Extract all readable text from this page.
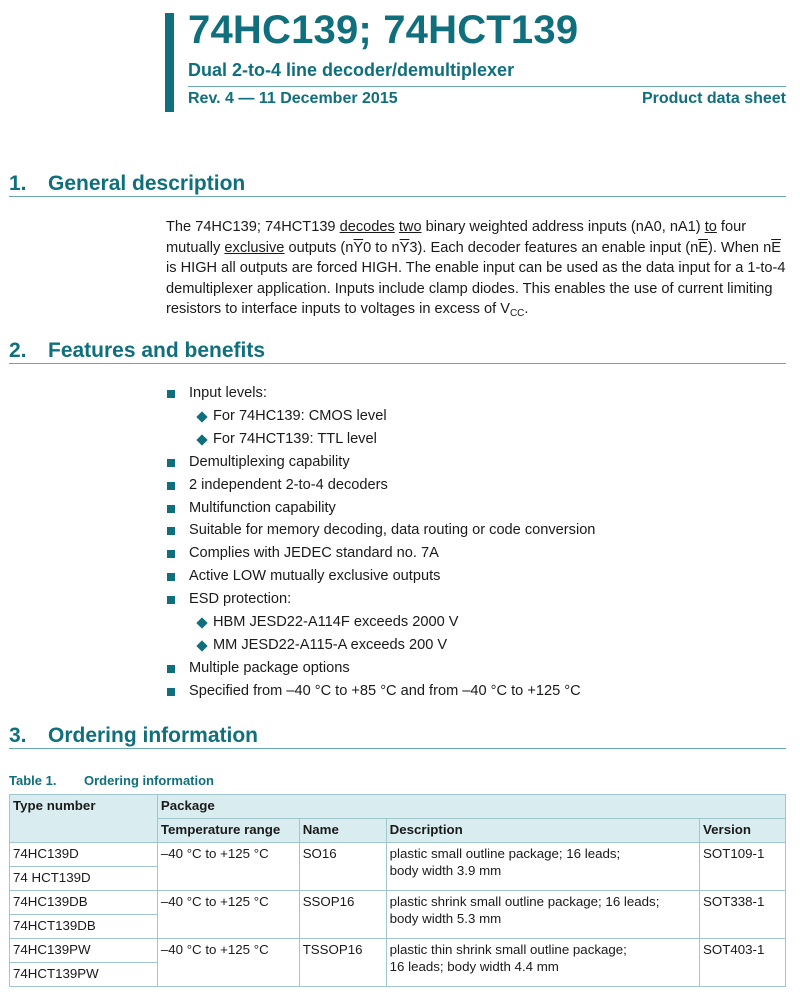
74HC139; 74HCT139
Dual 2-to-4 line decoder/demultiplexer
Rev. 4 — 11 December 2015	Product data sheet
1. General description
The 74HC139; 74HCT139 decodes two binary weighted address inputs (nA0, nA1) to four mutually exclusive outputs ($n\overline{Y}0$ to $n\overline{Y}3$). Each decoder features an enable input $(n\overline{E})$. When $n\overline{E}$ is HIGH all outputs are forced HIGH. The enable input can be used as the data input for a 1-to-4 demultiplexer application. Inputs include clamp diodes. This enables the use of current limiting resistors to interface inputs to voltages in excess of $V_{CC}$.
2. Features and benefits
Input levels:
For 74HC139: CMOS level
For 74HCT139: TTL level
Demultiplexing capability
2 independent 2-to-4 decoders
Multifunction capability
Suitable for memory decoding, data routing or code conversion
Complies with JEDEC standard no. 7A
Active LOW mutually exclusive outputs
ESD protection:
HBM JESD22-A114F exceeds 2000 V
MM JESD22-A115-A exceeds 200 V
Multiple package options
Specified from –40 °C to +85 °C and from –40 °C to +125 °C
3. Ordering information
Table 1. Ordering information
Type number	Package			
	Temperature range	Name	Description	Version
74HC139D	–40 °C to +125 °C	SO16	plastic small outline package; 16 leads;
body width 3.9 mm	SOT109-1
74 HCT139D				
74HC139DB	–40 °C to +125 °C	SSOP16	plastic shrink small outline package; 16 leads;
body width 5.3 mm	SOT338-1
74HCT139DB				
74HC139PW	–40 °C to +125 °C	TSSOP16	plastic thin shrink small outline package;
16 leads; body width 4.4 mm	SOT403-1
74HCT139PW				
